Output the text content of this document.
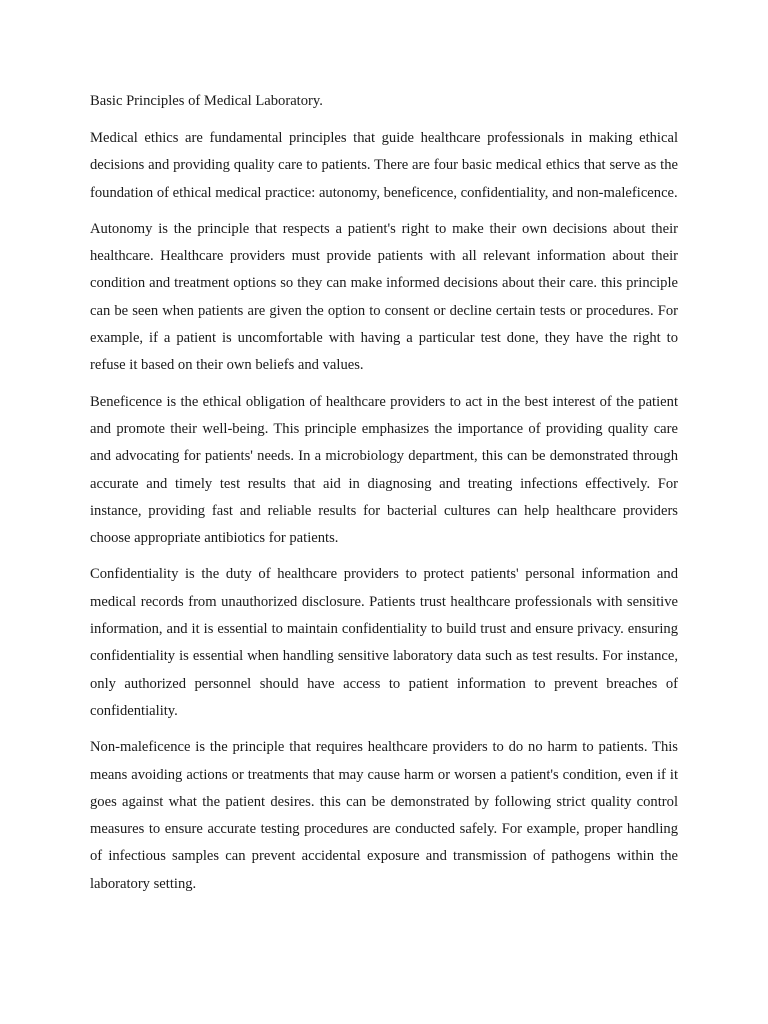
Basic Principles of Medical Laboratory.

Medical ethics are fundamental principles that guide healthcare professionals in making ethical decisions and providing quality care to patients. There are four basic medical ethics that serve as the foundation of ethical medical practice: autonomy, beneficence, confidentiality, and non-maleficence.

Autonomy is the principle that respects a patient's right to make their own decisions about their healthcare. Healthcare providers must provide patients with all relevant information about their condition and treatment options so they can make informed decisions about their care. this principle can be seen when patients are given the option to consent or decline certain tests or procedures. For example, if a patient is uncomfortable with having a particular test done, they have the right to refuse it based on their own beliefs and values.

Beneficence is the ethical obligation of healthcare providers to act in the best interest of the patient and promote their well-being. This principle emphasizes the importance of providing quality care and advocating for patients' needs. In a microbiology department, this can be demonstrated through accurate and timely test results that aid in diagnosing and treating infections effectively. For instance, providing fast and reliable results for bacterial cultures can help healthcare providers choose appropriate antibiotics for patients.

Confidentiality is the duty of healthcare providers to protect patients' personal information and medical records from unauthorized disclosure. Patients trust healthcare professionals with sensitive information, and it is essential to maintain confidentiality to build trust and ensure privacy. ensuring confidentiality is essential when handling sensitive laboratory data such as test results. For instance, only authorized personnel should have access to patient information to prevent breaches of confidentiality.

Non-maleficence is the principle that requires healthcare providers to do no harm to patients. This means avoiding actions or treatments that may cause harm or worsen a patient's condition, even if it goes against what the patient desires. this can be demonstrated by following strict quality control measures to ensure accurate testing procedures are conducted safely. For example, proper handling of infectious samples can prevent accidental exposure and transmission of pathogens within the laboratory setting.
